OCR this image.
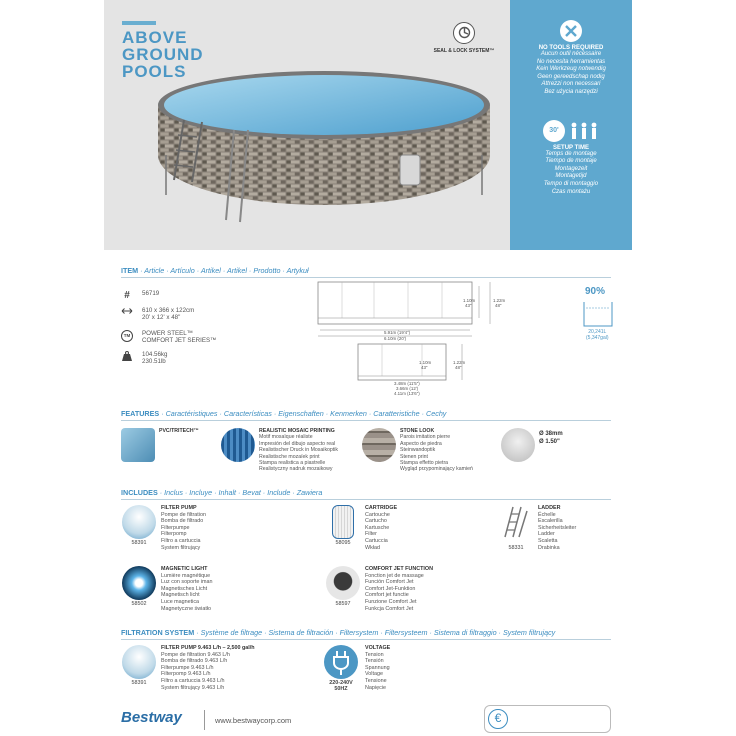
ABOVE
GROUND
POOLS
SEAL & LOCK SYSTEM™	NO TOOLS REQUIRED
Aucun outil nécessaire
No necesita herramientas
Kein Werkzeug notwendig
Geen gereedschap nodig
Attrezzi non necessari
Bez użycia narzędzi
30'
SETUP TIME
Temps de montage
Tiempo de montaje
Montagezeit
Montagetijd
Tempo di montaggio
Czas montażu
ITEM · Article · Artículo · Artikel · Artikel · Prodotto · Artykuł
#	56719
610 x 366 x 122cm
20' x 12' x 48"
TM	POWER STEEL™
COMFORT JET SERIES™
104.56kg
230.51lb
1.10m
43"
1.22m
48"
5.91m (19'4")
6.10m (20')
1.10m
43"
1.22m
48"
3.48m (11'5")
3.66m (12')
4.11m (13'6")
90%
20,241L
(5,347gal)
FEATURES · Caractéristiques · Características · Eigenschaften · Kenmerken · Caratteristiche · Cechy
PVC/TRITECH™	REALISTIC MOSAIC PRINTING
Motif mosaïque réaliste
Impresión del dibujo aspecto real
Realistischer Druck in Mosaikoptik
Realistische mozaïek print
Stampa realistica a piastrelle
Realistyczny nadruk mozaikowy
STONE LOOK
Parois imitation pierre
Aspecto de piedra
Steinwandoptik
Stenen print
Stampa effetto pietra
Wygląd przypominający kamień
Ø 38mm
Ø 1.50"
INCLUDES · Inclus · Incluye · Inhalt · Bevat · Include · Zawiera
58391
FILTER PUMP
Pompe de filtration
Bomba de filtrado
Filterpumpe
Filterpomp
Filtro a cartuccia
System filtrujący
58095
CARTRIDGE
Cartouche
Cartucho
Kartusche
Filter
Cartuccia
Wkład	58331
LADDER
Échelle
Escalerilla
Sicherheitsleiter
Ladder
Scaletta
Drabinka
58502
MAGNETIC LIGHT
Lumière magnétique
Luz con soporte iman
Magnetisches Licht
Magnetisch licht
Luce magnetica
Magnetyczne światło
58597
COMFORT JET FUNCTION
Fonction jet de massage
Función Comfort Jet
Comfort Jet-Funktion
Comfort jet functie
Funzione Comfort Jet
Funkcja Comfort Jet
FILTRATION SYSTEM · Système de filtrage · Sistema de filtración · Filtersystem · Filtersysteem · Sistema di filtraggio · System filtrujący
58391
FILTER PUMP 9.463 L/h – 2,500 gal/h
Pompe de filtration 9.463 L/h
Bomba de filtrado 9.463 L/h
Filterpumpe 9.463 L/h
Filterpomp 9.463 L/h
Filtro a cartuccia 9.463 L/h
System filtrujący 9.463 L/h
220-240V
50HZ
VOLTAGE
Tension
Tensión
Spannung
Voltage
Tensione
Napięcie
Bestway	www.bestwaycorp.com	€
